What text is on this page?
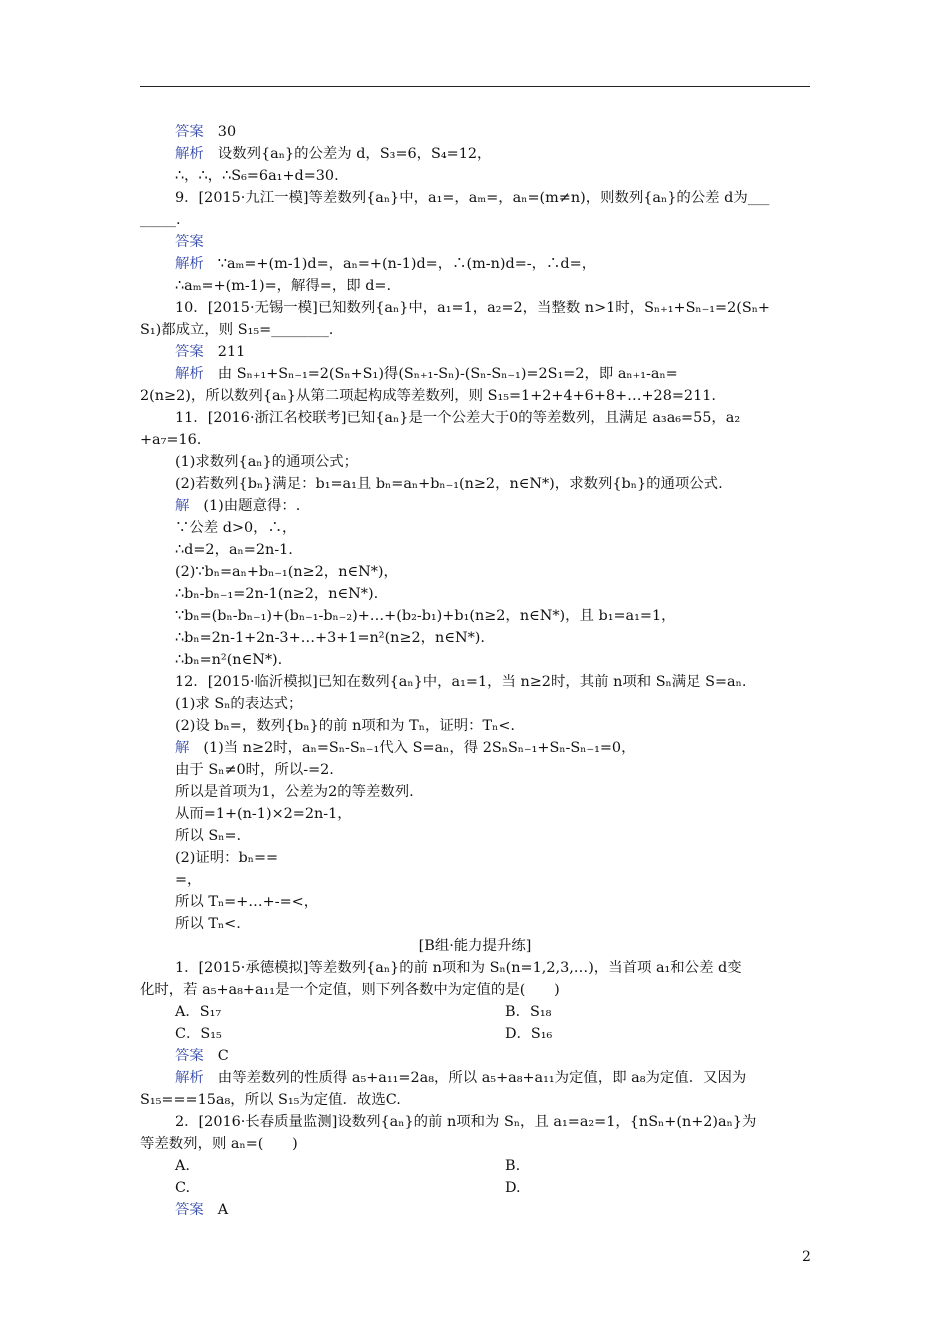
答案 30
解析 设数列{aₙ}的公差为 d，S₃=6，S₄=12，
∴，∴，∴S₆=6a₁+d=30.
9．[2015·九江一模]等差数列{aₙ}中，a₁=，aₘ=，aₙ=(m≠n)，则数列{aₙ}的公差 d为___
_____.
答案
解析 ∵aₘ=+(m-1)d=，aₙ=+(n-1)d=，∴(m-n)d=-，∴d=，
∴aₘ=+(m-1)=，解得=，即 d=.
10．[2015·无锡一模]已知数列{aₙ}中，a₁=1，a₂=2，当整数 n>1时，Sₙ₊₁+Sₙ₋₁=2(Sₙ+
S₁)都成立，则 S₁₅=________.
答案 211
解析 由 Sₙ₊₁+Sₙ₋₁=2(Sₙ+S₁)得(Sₙ₊₁-Sₙ)-(Sₙ-Sₙ₋₁)=2S₁=2，即 aₙ₊₁-aₙ=
2(n≥2)，所以数列{aₙ}从第二项起构成等差数列，则 S₁₅=1+2+4+6+8+…+28=211.
11．[2016·浙江名校联考]已知{aₙ}是一个公差大于0的等差数列，且满足 a₃a₆=55，a₂
+a₇=16.
(1)求数列{aₙ}的通项公式；
(2)若数列{bₙ}满足：b₁=a₁且 bₙ=aₙ+bₙ₋₁(n≥2，n∈N*)，求数列{bₙ}的通项公式.
解 (1)由题意得：.
∵公差 d>0，∴，
∴d=2，aₙ=2n-1.
(2)∵bₙ=aₙ+bₙ₋₁(n≥2，n∈N*)，
∴bₙ-bₙ₋₁=2n-1(n≥2，n∈N*).
∵bₙ=(bₙ-bₙ₋₁)+(bₙ₋₁-bₙ₋₂)+…+(b₂-b₁)+b₁(n≥2，n∈N*)，且 b₁=a₁=1，
∴bₙ=2n-1+2n-3+…+3+1=n²(n≥2，n∈N*).
∴bₙ=n²(n∈N*).
12．[2015·临沂模拟]已知在数列{aₙ}中，a₁=1，当 n≥2时，其前 n项和 Sₙ满足 S=aₙ.
(1)求 Sₙ的表达式；
(2)设 bₙ=，数列{bₙ}的前 n项和为 Tₙ，证明：Tₙ<.
解 (1)当 n≥2时，aₙ=Sₙ-Sₙ₋₁代入 S=aₙ，得 2SₙSₙ₋₁+Sₙ-Sₙ₋₁=0，
由于 Sₙ≠0时，所以-=2.
所以是首项为1，公差为2的等差数列.
从而=1+(n-1)×2=2n-1，
所以 Sₙ=.
(2)证明：bₙ==
=，
所以 Tₙ=+…+-=<，
所以 Tₙ<.
[B组·能力提升练]
1．[2015·承德模拟]等差数列{aₙ}的前 n项和为 Sₙ(n=1,2,3,…)，当首项 a₁和公差 d变
化时，若 a₅+a₈+a₁₁是一个定值，则下列各数中为定值的是(　　)
A．S₁₇	B．S₁₈
C．S₁₅	D．S₁₆
答案 C
解析 由等差数列的性质得 a₅+a₁₁=2a₈，所以 a₅+a₈+a₁₁为定值，即 a₈为定值．又因为
S₁₅===15a₈，所以 S₁₅为定值．故选C.
2．[2016·长春质量监测]设数列{aₙ}的前 n项和为 Sₙ，且 a₁=a₂=1，{nSₙ+(n+2)aₙ}为
等差数列，则 aₙ=(　　)
A.	B.
C.	D.
答案 A
2
